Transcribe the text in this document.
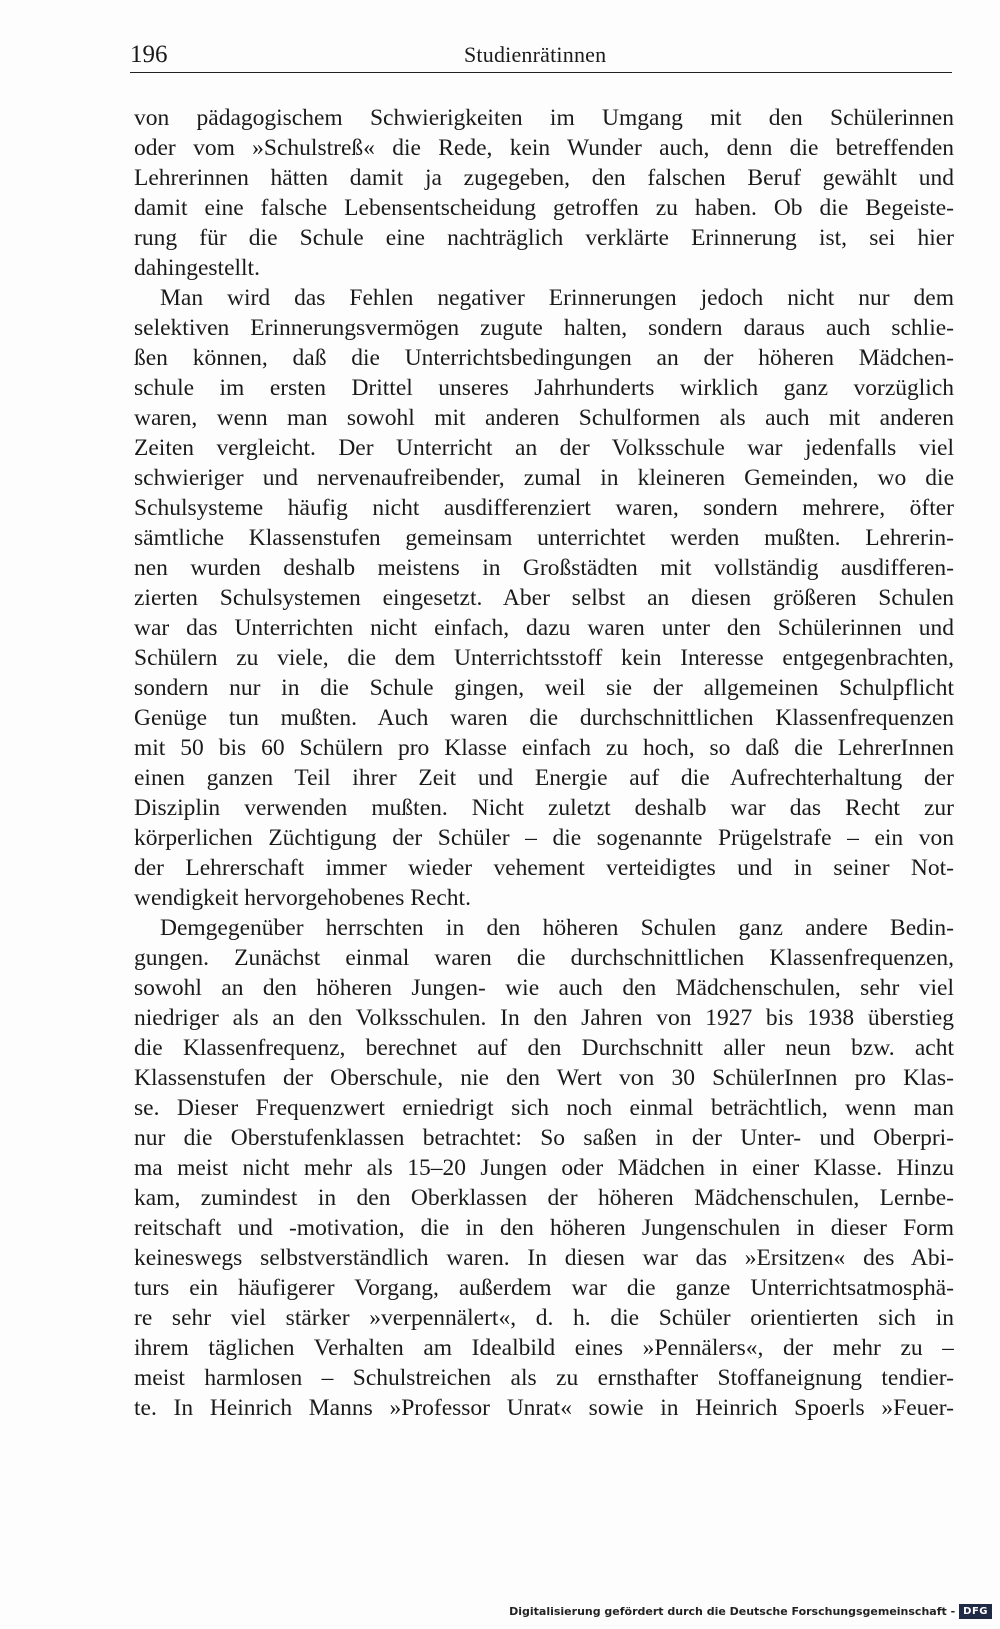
196	Studienrätinnen
von pädagogischem Schwierigkeiten im Umgang mit den Schülerinnen
oder vom »Schulstreß« die Rede, kein Wunder auch, denn die betreffenden
Lehrerinnen hätten damit ja zugegeben, den falschen Beruf gewählt und
damit eine falsche Lebensentscheidung getroffen zu haben. Ob die Begeiste-
rung für die Schule eine nachträglich verklärte Erinnerung ist, sei hier
dahingestellt.
Man wird das Fehlen negativer Erinnerungen jedoch nicht nur dem
selektiven Erinnerungsvermögen zugute halten, sondern daraus auch schlie-
ßen können, daß die Unterrichtsbedingungen an der höheren Mädchen-
schule im ersten Drittel unseres Jahrhunderts wirklich ganz vorzüglich
waren, wenn man sowohl mit anderen Schulformen als auch mit anderen
Zeiten vergleicht. Der Unterricht an der Volksschule war jedenfalls viel
schwieriger und nervenaufreibender, zumal in kleineren Gemeinden, wo die
Schulsysteme häufig nicht ausdifferenziert waren, sondern mehrere, öfter
sämtliche Klassenstufen gemeinsam unterrichtet werden mußten. Lehrerin-
nen wurden deshalb meistens in Großstädten mit vollständig ausdifferen-
zierten Schulsystemen eingesetzt. Aber selbst an diesen größeren Schulen
war das Unterrichten nicht einfach, dazu waren unter den Schülerinnen und
Schülern zu viele, die dem Unterrichtsstoff kein Interesse entgegenbrachten,
sondern nur in die Schule gingen, weil sie der allgemeinen Schulpflicht
Genüge tun mußten. Auch waren die durchschnittlichen Klassenfrequenzen
mit 50 bis 60 Schülern pro Klasse einfach zu hoch, so daß die LehrerInnen
einen ganzen Teil ihrer Zeit und Energie auf die Aufrechterhaltung der
Disziplin verwenden mußten. Nicht zuletzt deshalb war das Recht zur
körperlichen Züchtigung der Schüler – die sogenannte Prügelstrafe – ein von
der Lehrerschaft immer wieder vehement verteidigtes und in seiner Not-
wendigkeit hervorgehobenes Recht.
Demgegenüber herrschten in den höheren Schulen ganz andere Bedin-
gungen. Zunächst einmal waren die durchschnittlichen Klassenfrequenzen,
sowohl an den höheren Jungen- wie auch den Mädchenschulen, sehr viel
niedriger als an den Volksschulen. In den Jahren von 1927 bis 1938 überstieg
die Klassenfrequenz, berechnet auf den Durchschnitt aller neun bzw. acht
Klassenstufen der Oberschule, nie den Wert von 30 SchülerInnen pro Klas-
se. Dieser Frequenzwert erniedrigt sich noch einmal beträchtlich, wenn man
nur die Oberstufenklassen betrachtet: So saßen in der Unter- und Oberpri-
ma meist nicht mehr als 15–20 Jungen oder Mädchen in einer Klasse. Hinzu
kam, zumindest in den Oberklassen der höheren Mädchenschulen, Lernbe-
reitschaft und -motivation, die in den höheren Jungenschulen in dieser Form
keineswegs selbstverständlich waren. In diesen war das »Ersitzen« des Abi-
turs ein häufigerer Vorgang, außerdem war die ganze Unterrichtsatmosphä-
re sehr viel stärker »verpennälert«, d. h. die Schüler orientierten sich in
ihrem täglichen Verhalten am Idealbild eines »Pennälers«, der mehr zu –
meist harmlosen – Schulstreichen als zu ernsthafter Stoffaneignung tendier-
te. In Heinrich Manns »Professor Unrat« sowie in Heinrich Spoerls »Feuer-
Digitalisierung gefördert durch die Deutsche Forschungsgemeinschaft - DFG
